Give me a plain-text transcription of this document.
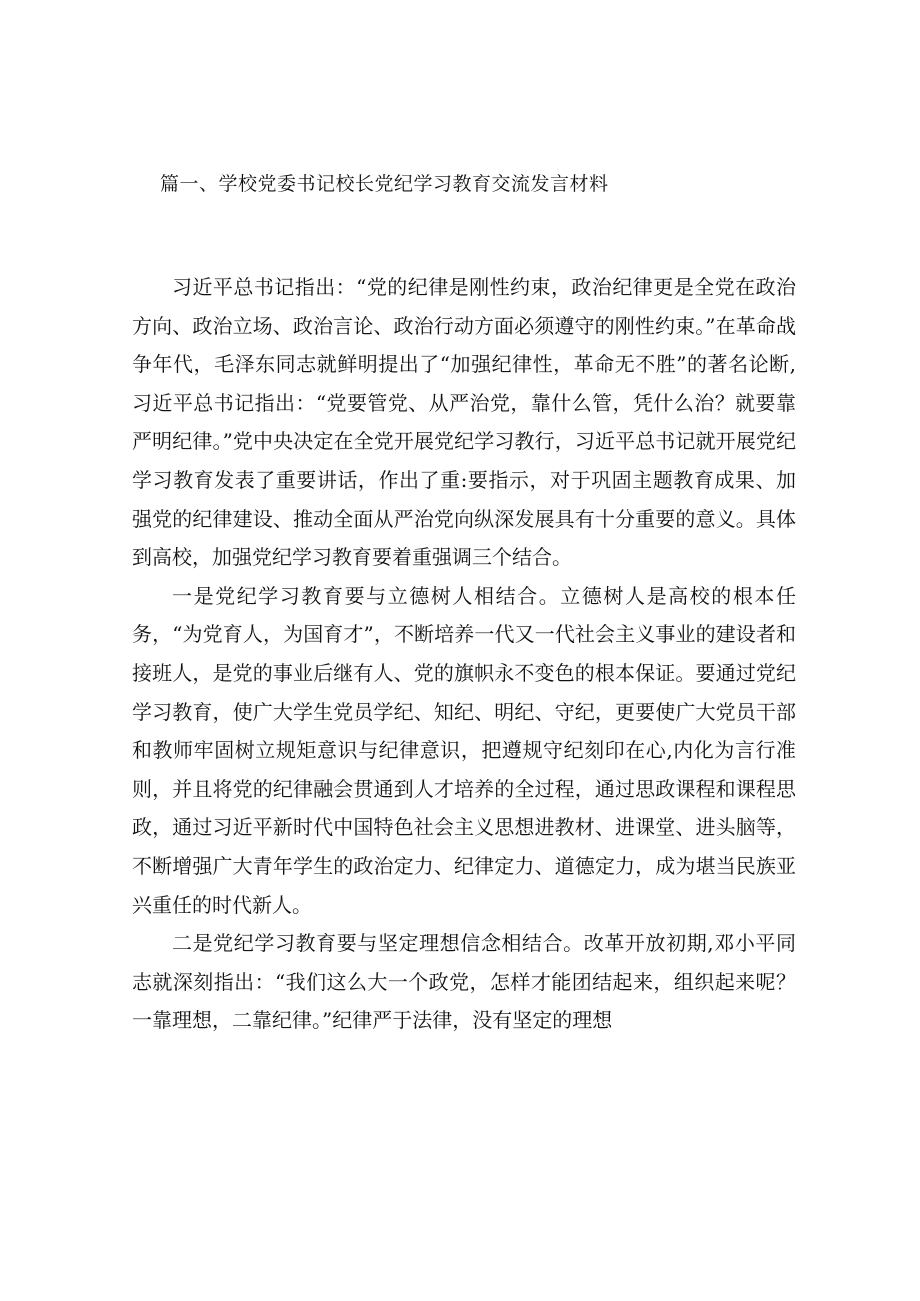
篇一、学校党委书记校长党纪学习教育交流发言材料

习近平总书记指出：“党的纪律是刚性约束，政治纪律更是全党在政治方向、政治立场、政治言论、政治行动方面必须遵守的刚性约束。”在革命战争年代，毛泽东同志就鲜明提出了“加强纪律性，革命无不胜”的著名论断,习近平总书记指出：“党要管党、从严治党，靠什么管，凭什么治？就要靠严明纪律。”党中央决定在全党开展党纪学习教行，习近平总书记就开展党纪学习教育发表了重要讲话，作出了重:要指示，对于巩固主题教育成果、加强党的纪律建设、推动全面从严治党向纵深发展具有十分重要的意义。具体到高校，加强党纪学习教育要着重强调三个结合。

一是党纪学习教育要与立德树人相结合。立德树人是高校的根本任务，“为党育人，为国育才”，不断培养一代又一代社会主义事业的建设者和接班人，是党的事业后继有人、党的旗帜永不变色的根本保证。要通过党纪学习教育，使广大学生党员学纪、知纪、明纪、守纪，更要使广大党员干部和教师牢固树立规矩意识与纪律意识，把遵规守纪刻印在心,内化为言行准则，并且将党的纪律融会贯通到人才培养的全过程，通过思政课程和课程思政，通过习近平新时代中国特色社会主义思想进教材、进课堂、进头脑等，不断增强广大青年学生的政治定力、纪律定力、道德定力，成为堪当民族亚兴重任的时代新人。

二是党纪学习教育要与坚定理想信念相结合。改革开放初期,邓小平同志就深刻指出：“我们这么大一个政党，怎样才能团结起来，组织起来呢？一靠理想，二靠纪律。”纪律严于法律，没有坚定的理想
